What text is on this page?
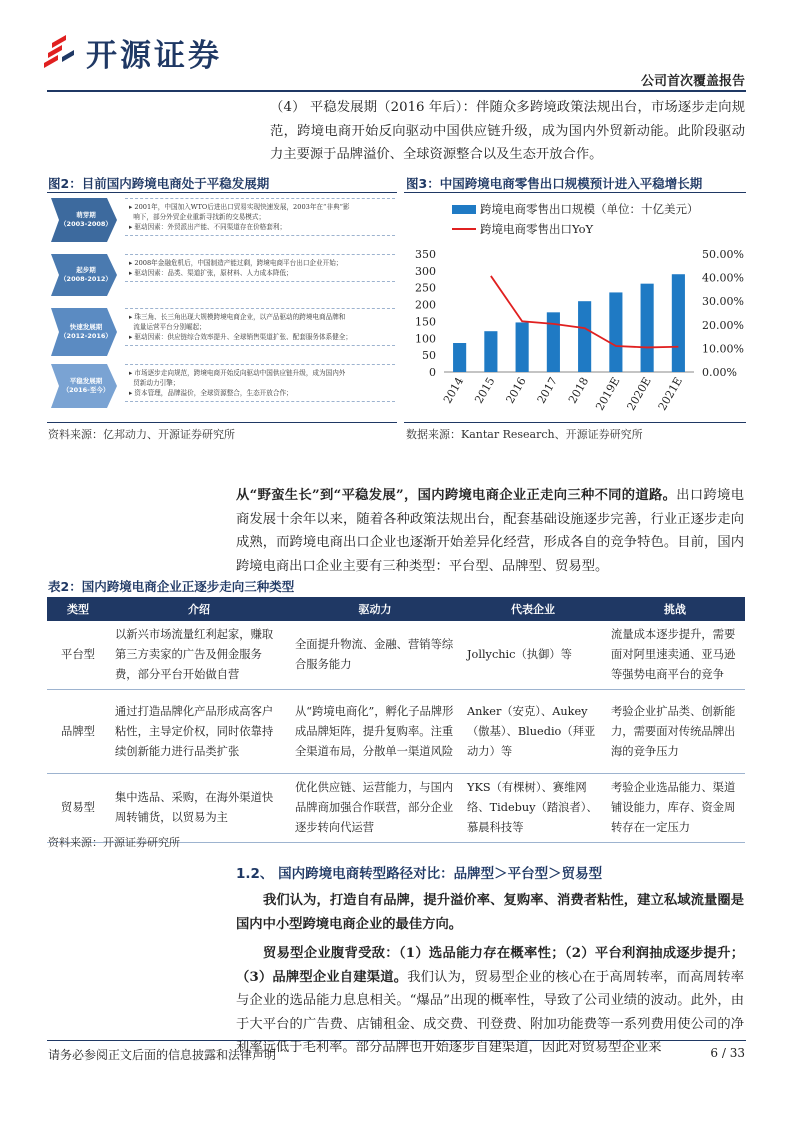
开源证券
公司首次覆盖报告

（4） 平稳发展期（2016 年后）：伴随众多跨境政策法规出台，市场逐步走向规范，跨境电商开始反向驱动中国供应链升级，成为国内外贸新动能。此阶段驱动力主要源于品牌溢价、全球资源整合以及生态开放合作。

图2：目前国内跨境电商处于平稳发展期
萌芽期
（2003-2008）
▸ 2001年，中国加入WTO后进出口贸易实现快速发展，2003年在“非典”影
响下，部分外贸企业重新寻找新的交易模式；
▸ 驱动因素：外贸派出产能、不同渠道存在价格套利；
起步期
（2008-2012）
▸ 2008年金融危机后，中国制造产能过剩，跨境电商平台出口企业开始；
▸ 驱动因素：品类、渠道扩张，原材料、人力成本降低；
快速发展期
（2012-2016）
▸ 珠三角、长三角出现大规模跨境电商企业，以产品驱动的跨境电商品牌和
流量运营平台分别崛起；
▸ 驱动因素：供应链综合效率提升、全球销售渠道扩张、配套服务体系健全；
平稳发展期
（2016-至今）
▸ 市场逐步走向规范，跨境电商开始反向驱动中国供应链升级，成为国内外
贸新动力引擎；
▸ 资本管理，品牌溢价，全球资源整合，生态开放合作；
资料来源：亿邦动力、开源证券研究所
图3：中国跨境电商零售出口规模预计进入平稳增长期
跨境电商零售出口规模（单位：十亿美元）
跨境电商零售出口YoY
0
50
100
150
200
250
300
350
0.00%
10.00%
20.00%
30.00%
40.00%
50.00%
2014 2015 2016 2017 2018 2019E 2020E 2021E
数据来源：Kantar Research、开源证券研究所

从“野蛮生长”到“平稳发展”，国内跨境电商企业正走向三种不同的道路。出口跨境电商发展十余年以来，随着各种政策法规出台，配套基础设施逐步完善，行业正逐步走向成熟，而跨境电商出口企业也逐渐开始差异化经营，形成各自的竞争特色。目前，国内跨境电商出口企业主要有三种类型：平台型、品牌型、贸易型。

表2：国内跨境电商企业正逐步走向三种类型
类型	介绍	驱动力	代表企业	挑战
平台型	以新兴市场流量红利起家，赚取第三方卖家的广告及佣金服务费，部分平台开始做自营	全面提升物流、金融、营销等综合服务能力	Jollychic（执御）等	流量成本逐步提升，需要面对阿里速卖通、亚马逊等强势电商平台的竞争
品牌型	通过打造品牌化产品形成高客户粘性，主导定价权，同时依靠持续创新能力进行品类扩张	从“跨境电商化”，孵化子品牌形成品牌矩阵，提升复购率。注重全渠道布局，分散单一渠道风险	Anker（安克）、Aukey（傲基）、Bluedio（拜亚动力）等	考验企业扩品类、创新能力，需要面对传统品牌出海的竞争压力
贸易型	集中选品、采购，在海外渠道快周转铺货，以贸易为主	优化供应链、运营能力，与国内品牌商加强合作联营，部分企业逐步转向代运营	YKS（有棵树）、赛维网络、Tidebuy（踏浪者）、慕晨科技等	考验企业选品能力、渠道铺设能力，库存、资金周转存在一定压力
资料来源：开源证券研究所
1.2、 国内跨境电商转型路径对比：品牌型＞平台型＞贸易型

我们认为，打造自有品牌，提升溢价率、复购率、消费者粘性，建立私域流量圈是国内中小型跨境电商企业的最佳方向。

贸易型企业腹背受敌：（1）选品能力存在概率性；（2）平台利润抽成逐步提升；（3）品牌型企业自建渠道。我们认为，贸易型企业的核心在于高周转率，而高周转率与企业的选品能力息息相关。“爆品”出现的概率性，导致了公司业绩的波动。此外，由于大平台的广告费、店铺租金、成交费、刊登费、附加功能费等一系列费用使公司的净利率远低于毛利率。部分品牌也开始逐步自建渠道，因此对贸易型企业来

请务必参阅正文后面的信息披露和法律声明	6 / 33
